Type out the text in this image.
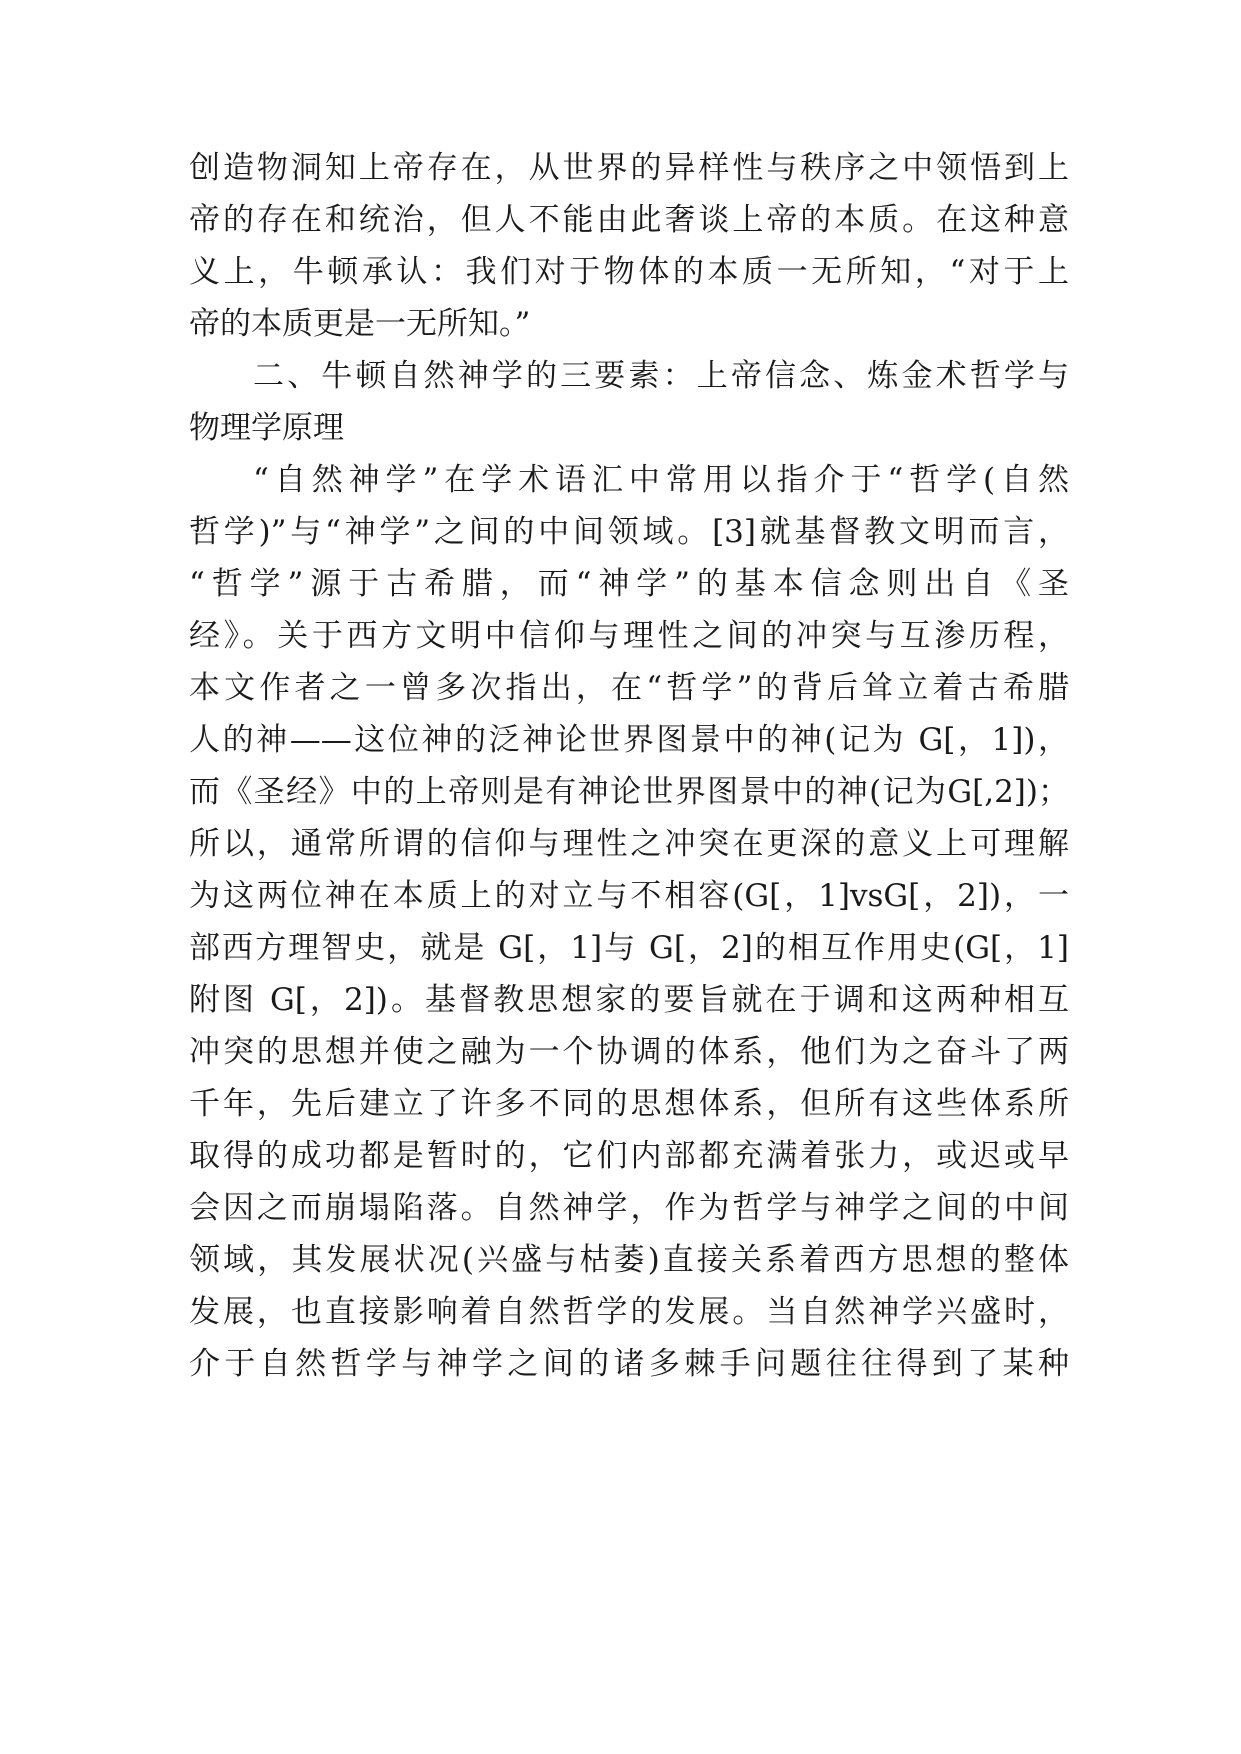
创造物洞知上帝存在，从世界的异样性与秩序之中领悟到上
帝的存在和统治，但人不能由此奢谈上帝的本质。在这种意
义上，牛顿承认：我们对于物体的本质一无所知，“对于上
帝的本质更是一无所知。”
二、牛顿自然神学的三要素：上帝信念、炼金术哲学与
物理学原理
“自然神学”在学术语汇中常用以指介于“哲学(自然
哲学)”与“神学”之间的中间领域。[3]就基督教文明而言，
“哲学”源于古希腊，而“神学”的基本信念则出自《圣
经》。关于西方文明中信仰与理性之间的冲突与互渗历程，
本文作者之一曾多次指出，在“哲学”的背后耸立着古希腊
人的神——这位神的泛神论世界图景中的神(记为 G[，1])，
而《圣经》中的上帝则是有神论世界图景中的神(记为G[,2])；
所以，通常所谓的信仰与理性之冲突在更深的意义上可理解
为这两位神在本质上的对立与不相容(G[，1]vsG[，2])，一
部西方理智史，就是 G[，1]与 G[，2]的相互作用史(G[，1]
附图 G[，2])。基督教思想家的要旨就在于调和这两种相互
冲突的思想并使之融为一个协调的体系，他们为之奋斗了两
千年，先后建立了许多不同的思想体系，但所有这些体系所
取得的成功都是暂时的，它们内部都充满着张力，或迟或早
会因之而崩塌陷落。自然神学，作为哲学与神学之间的中间
领域，其发展状况(兴盛与枯萎)直接关系着西方思想的整体
发展，也直接影响着自然哲学的发展。当自然神学兴盛时，
介于自然哲学与神学之间的诸多棘手问题往往得到了某种
